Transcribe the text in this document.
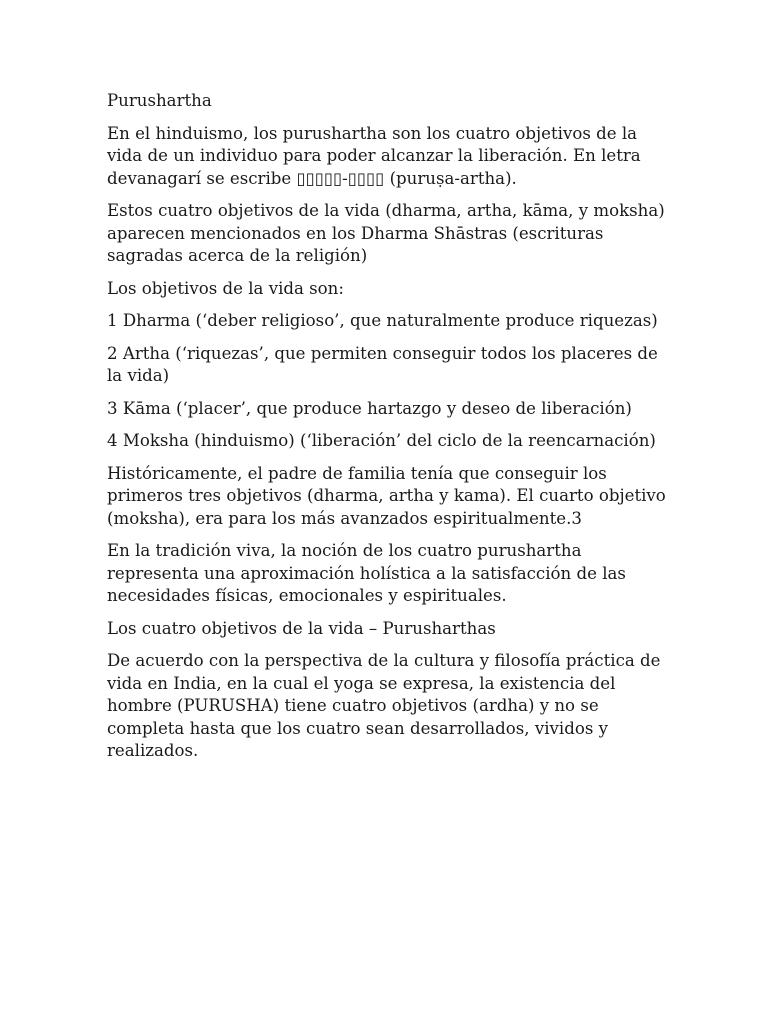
Purushartha

En el hinduismo, los purushartha son los cuatro objetivos de la vida de un individuo para poder alcanzar la liberación. En letra devanagarí se escribe ▯▯▯▯▯-▯▯▯▯ (puruṣa-artha).

Estos cuatro objetivos de la vida (dharma, artha, kāma, y moksha) aparecen mencionados en los Dharma Shāstras (escrituras sagradas acerca de la religión)

Los objetivos de la vida son:

1 Dharma (‘deber religioso’, que naturalmente produce riquezas)

2 Artha (‘riquezas’, que permiten conseguir todos los placeres de la vida)

3 Kāma (‘placer’, que produce hartazgo y deseo de liberación)

4 Moksha (hinduismo) (‘liberación’ del ciclo de la reencarnación)

Históricamente, el padre de familia tenía que conseguir los primeros tres objetivos (dharma, artha y kama). El cuarto objetivo (moksha), era para los más avanzados espiritualmente.3

En la tradición viva, la noción de los cuatro purushartha representa una aproximación holística a la satisfacción de las necesidades físicas, emocionales y espirituales.

Los cuatro objetivos de la vida – Purusharthas

De acuerdo con la perspectiva de la cultura y filosofía práctica de vida en India, en la cual el yoga se expresa, la existencia del hombre (PURUSHA) tiene cuatro objetivos (ardha) y no se completa hasta que los cuatro sean desarrollados, vividos y realizados.
